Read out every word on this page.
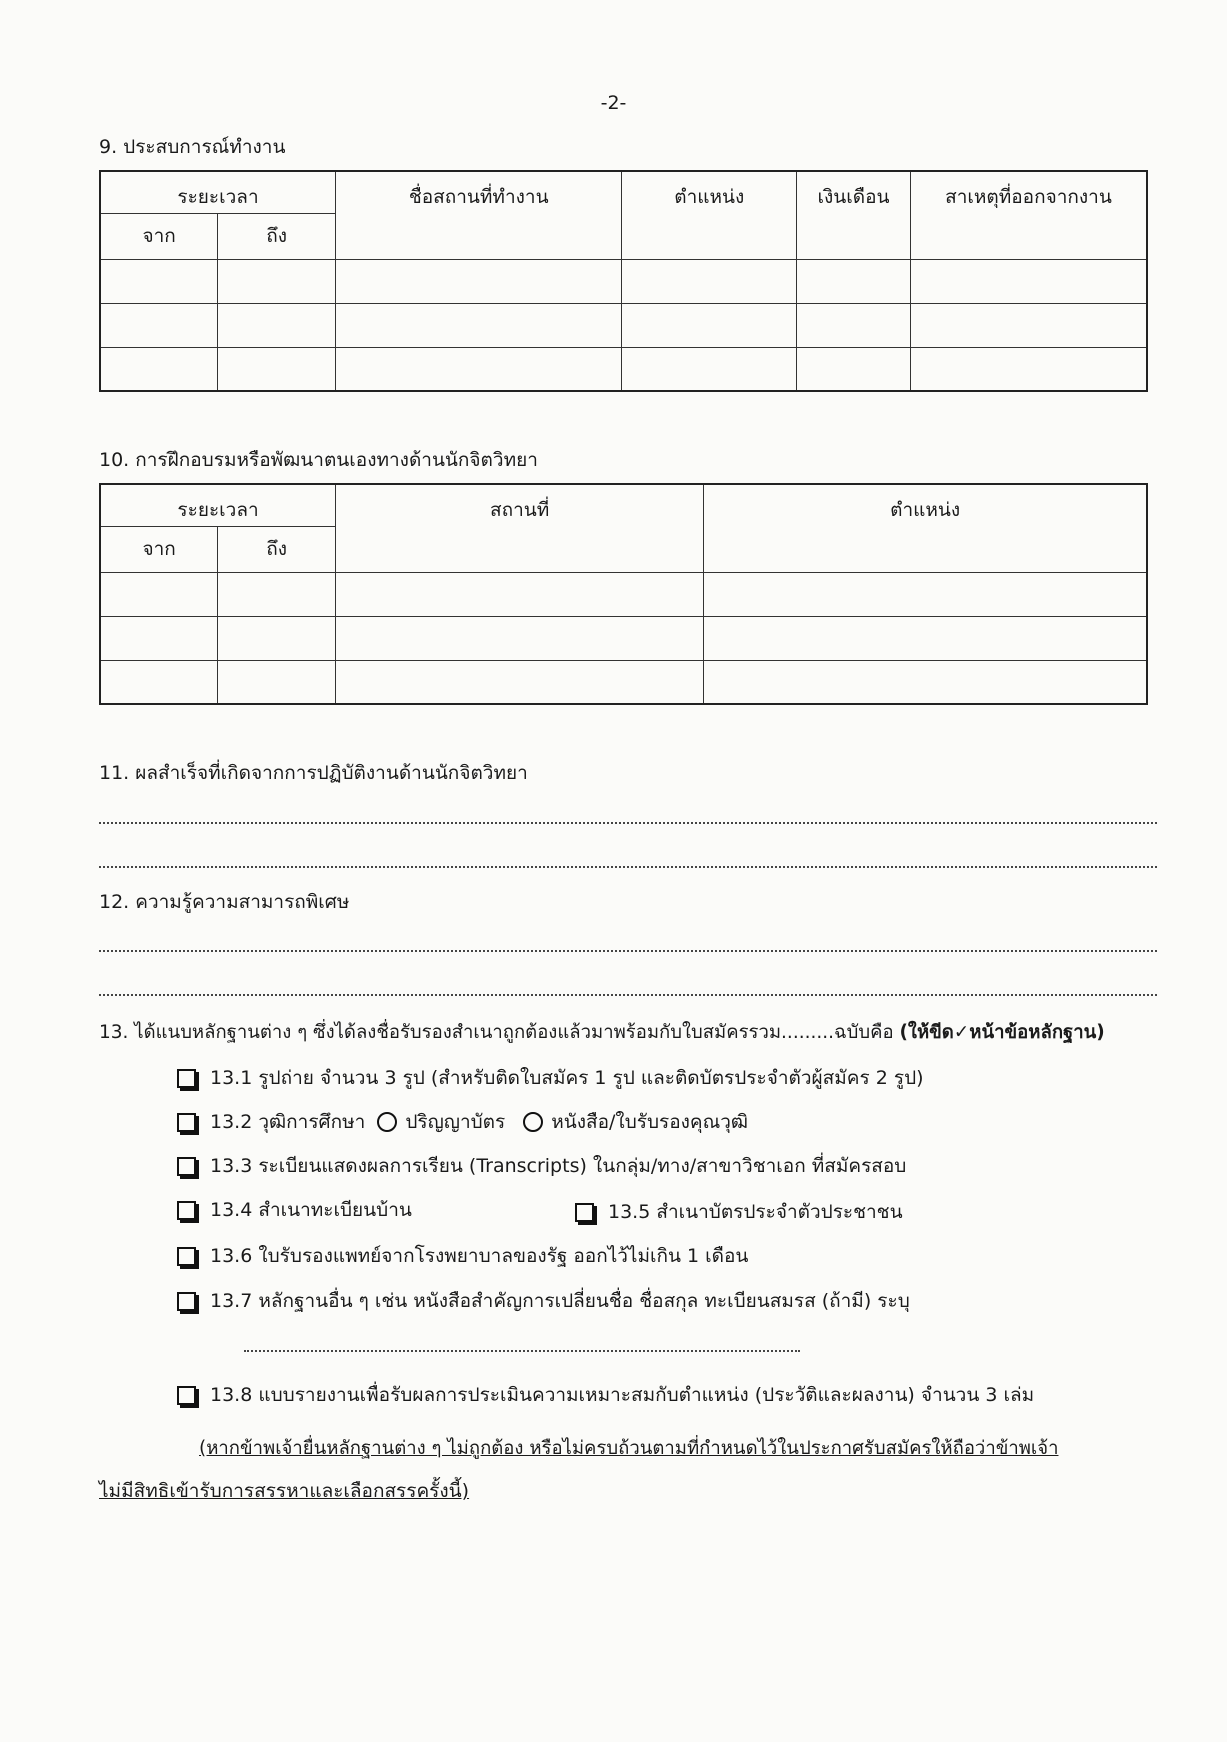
-2-
9. ประสบการณ์ทำงาน
ระยะเวลา		ชื่อสถานที่ทำงาน	ตำแหน่ง	เงินเดือน	สาเหตุที่ออกจากงาน
จาก	ถึง				

10. การฝึกอบรมหรือพัฒนาตนเองทางด้านนักจิตวิทยา
ระยะเวลา		สถานที่	ตำแหน่ง
จาก	ถึง		

11. ผลสำเร็จที่เกิดจากการปฏิบัติงานด้านนักจิตวิทยา
12. ความรู้ความสามารถพิเศษ
13. ได้แนบหลักฐานต่าง ๆ ซึ่งได้ลงชื่อรับรองสำเนาถูกต้องแล้วมาพร้อมกับใบสมัครรวม.........ฉบับคือ (ให้ขีด✓หน้าข้อหลักฐาน)
13.1 รูปถ่าย จำนวน 3 รูป (สำหรับติดใบสมัคร 1 รูป และติดบัตรประจำตัวผู้สมัคร 2 รูป)
13.2 วุฒิการศึกษา ปริญญาบัตร หนังสือ/ใบรับรองคุณวุฒิ
13.3 ระเบียนแสดงผลการเรียน (Transcripts) ในกลุ่ม/ทาง/สาขาวิชาเอก ที่สมัครสอบ
13.4 สำเนาทะเบียนบ้าน	13.5 สำเนาบัตรประจำตัวประชาชน
13.6 ใบรับรองแพทย์จากโรงพยาบาลของรัฐ ออกไว้ไม่เกิน 1 เดือน
13.7 หลักฐานอื่น ๆ เช่น หนังสือสำคัญการเปลี่ยนชื่อ ชื่อสกุล ทะเบียนสมรส (ถ้ามี) ระบุ
13.8 แบบรายงานเพื่อรับผลการประเมินความเหมาะสมกับตำแหน่ง (ประวัติและผลงาน) จำนวน 3 เล่ม
(หากข้าพเจ้ายื่นหลักฐานต่าง ๆ ไม่ถูกต้อง หรือไม่ครบถ้วนตามที่กำหนดไว้ในประกาศรับสมัครให้ถือว่าข้าพเจ้า
ไม่มีสิทธิเข้ารับการสรรหาและเลือกสรรครั้งนี้)
